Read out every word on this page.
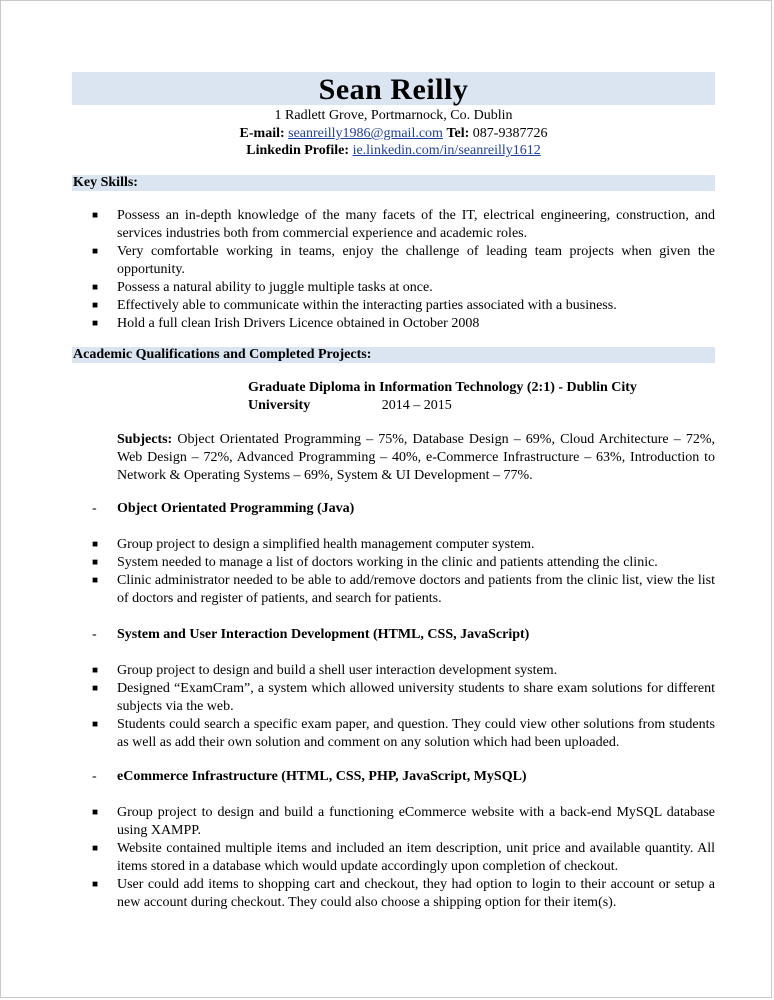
Sean Reilly
1 Radlett Grove, Portmarnock, Co. Dublin
E-mail: seanreilly1986@gmail.com Tel: 087-9387726
Linkedin Profile: ie.linkedin.com/in/seanreilly1612
Key Skills:
■ Possess an in-depth knowledge of the many facets of the IT, electrical engineering, construction, and services industries both from commercial experience and academic roles.
■ Very comfortable working in teams, enjoy the challenge of leading team projects when given the opportunity.
■ Possess a natural ability to juggle multiple tasks at once.
■ Effectively able to communicate within the interacting parties associated with a business.
■ Hold a full clean Irish Drivers Licence obtained in October 2008
Academic Qualifications and Completed Projects:
Graduate Diploma in Information Technology (2:1) - Dublin City
University	2014 – 2015
Subjects: Object Orientated Programming – 75%, Database Design – 69%, Cloud Architecture – 72%, Web Design – 72%, Advanced Programming – 40%, e-Commerce Infrastructure – 63%, Introduction to Network & Operating Systems – 69%, System & UI Development – 77%.
- Object Orientated Programming (Java)
■ Group project to design a simplified health management computer system.
■ System needed to manage a list of doctors working in the clinic and patients attending the clinic.
■ Clinic administrator needed to be able to add/remove doctors and patients from the clinic list, view the list of doctors and register of patients, and search for patients.
- System and User Interaction Development (HTML, CSS, JavaScript)
■ Group project to design and build a shell user interaction development system.
■ Designed “ExamCram”, a system which allowed university students to share exam solutions for different subjects via the web.
■ Students could search a specific exam paper, and question. They could view other solutions from students as well as add their own solution and comment on any solution which had been uploaded.
- eCommerce Infrastructure (HTML, CSS, PHP, JavaScript, MySQL)
■ Group project to design and build a functioning eCommerce website with a back-end MySQL database using XAMPP.
■ Website contained multiple items and included an item description, unit price and available quantity. All items stored in a database which would update accordingly upon completion of checkout.
■ User could add items to shopping cart and checkout, they had option to login to their account or setup a new account during checkout. They could also choose a shipping option for their item(s).
